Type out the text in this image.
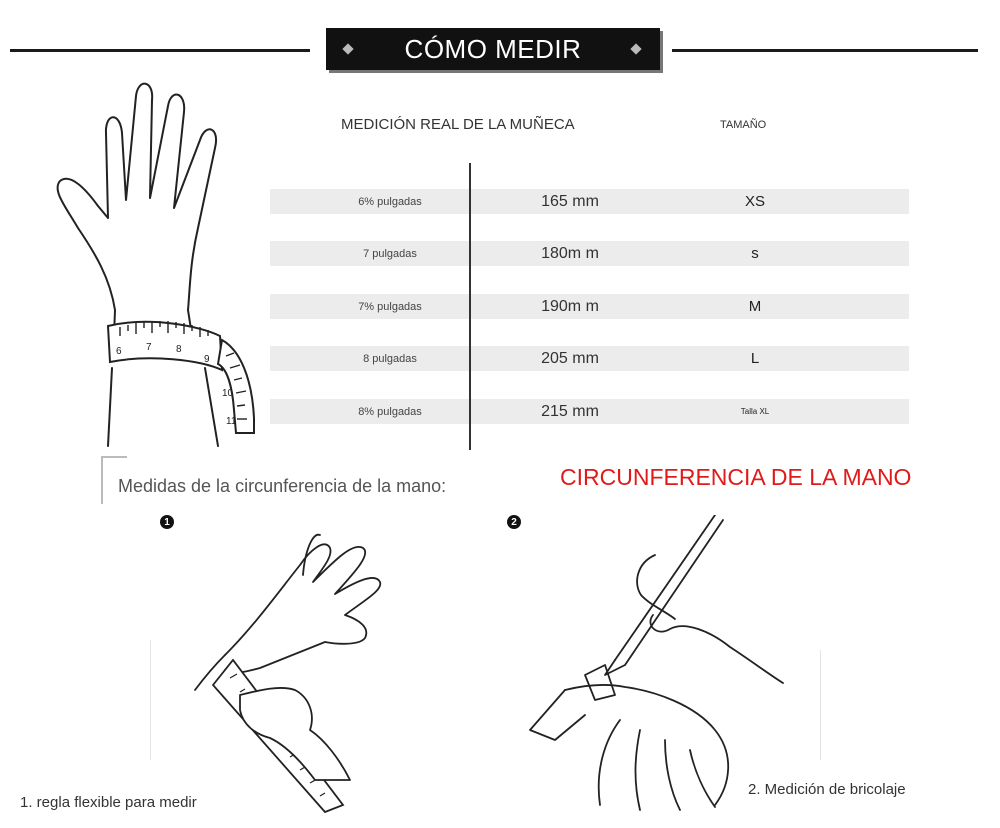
CÓMO MEDIR
6 7 8
9
10
11
MEDICIÓN REAL DE LA MUÑECA	TAMAÑO
6% pulgadas	165 mm	XS
7 pulgadas	180m m	s
7% pulgadas	190m m	M
8 pulgadas	205 mm	L
8% pulgadas	215 mm	Talla XL
Medidas de la circunferencia de la mano:	CIRCUNFERENCIA DE LA MANO
1	2
1. regla flexible para medir
2. Medición de bricolaje
